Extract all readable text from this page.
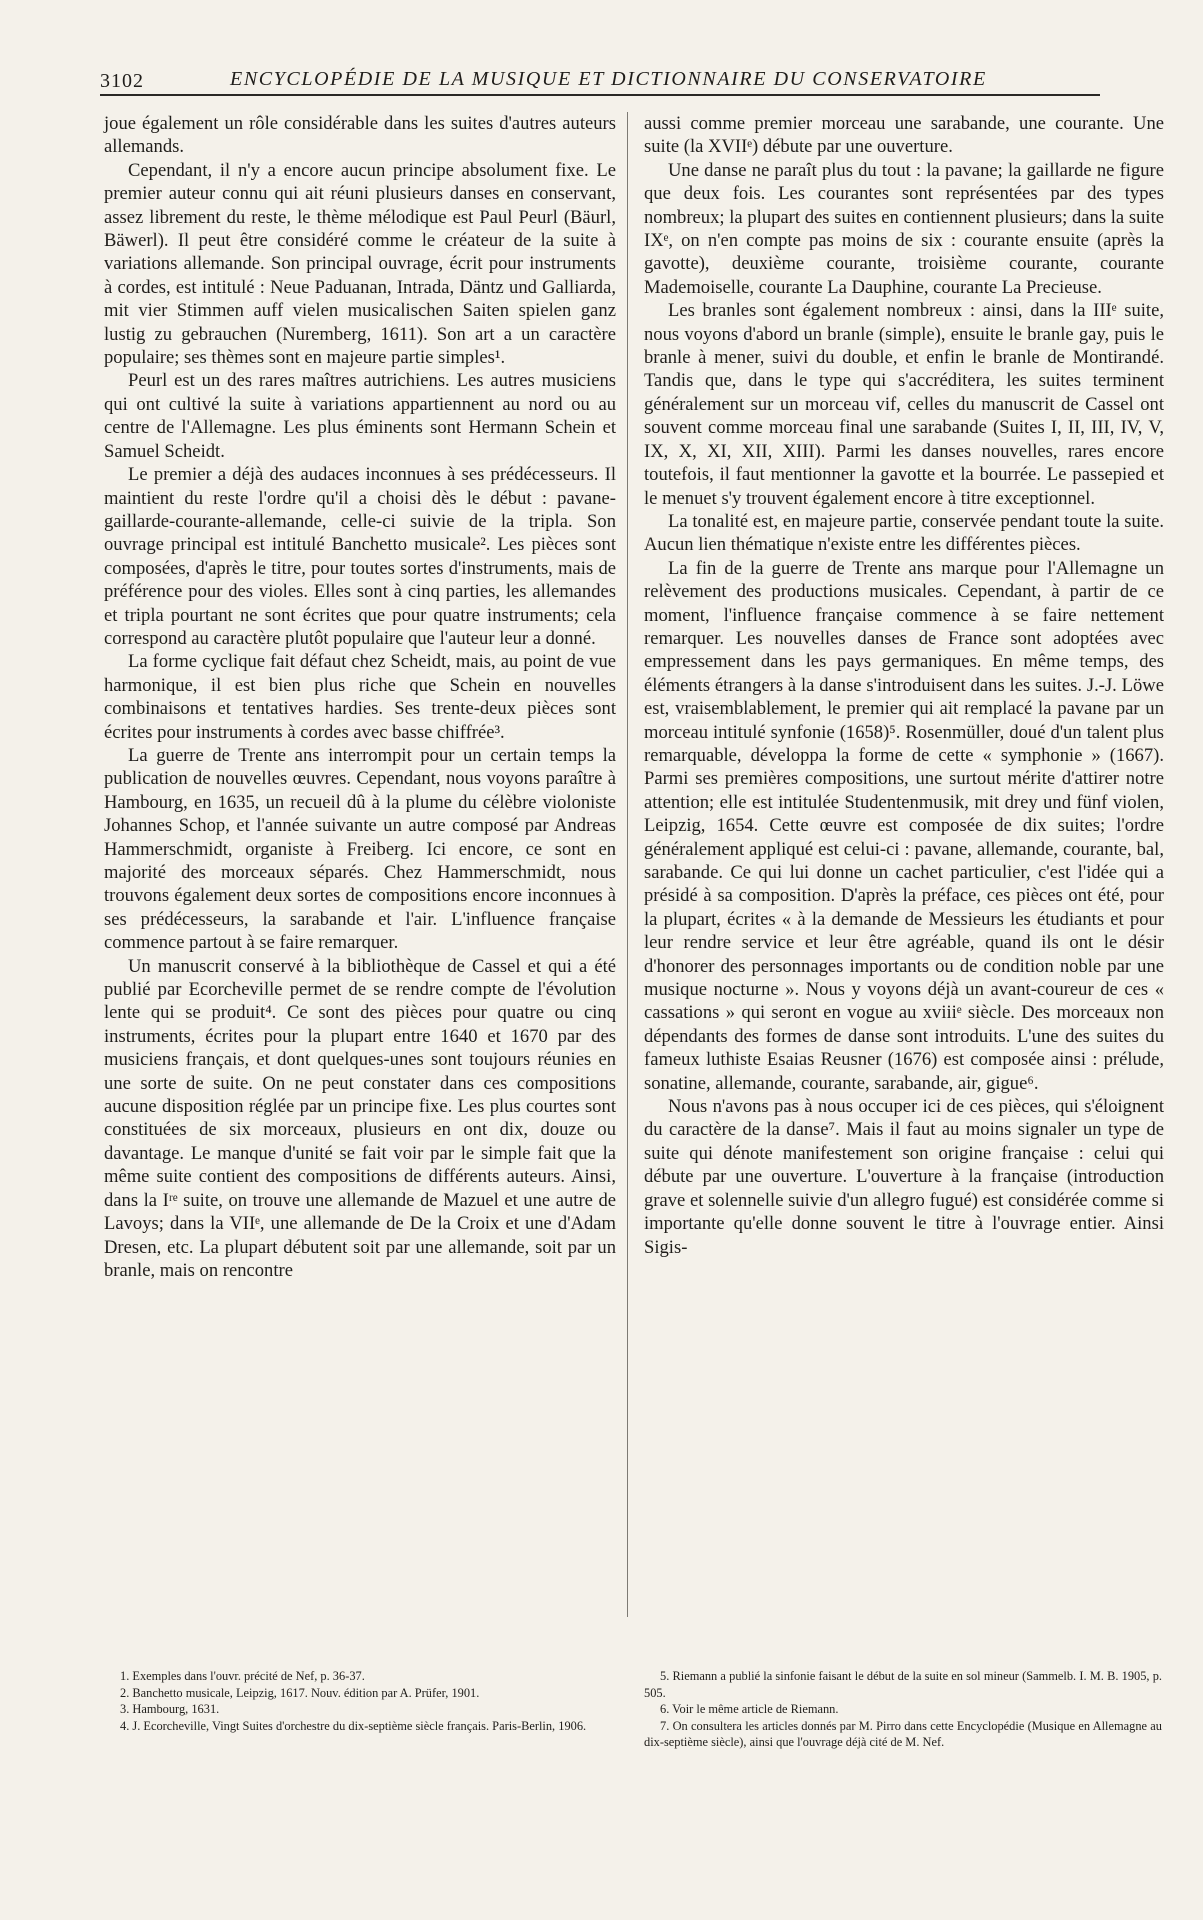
3102	ENCYCLOPÉDIE DE LA MUSIQUE ET DICTIONNAIRE DU CONSERVATOIRE

joue également un rôle considérable dans les suites d'autres auteurs allemands.

Cependant, il n'y a encore aucun principe absolument fixe. Le premier auteur connu qui ait réuni plusieurs danses en conservant, assez librement du reste, le thème mélodique est Paul Peurl (Bäurl, Bäwerl). Il peut être considéré comme le créateur de la suite à variations allemande. Son principal ouvrage, écrit pour instruments à cordes, est intitulé : Neue Paduanan, Intrada, Däntz und Galliarda, mit vier Stimmen auff vielen musicalischen Saiten spielen ganz lustig zu gebrauchen (Nuremberg, 1611). Son art a un caractère populaire; ses thèmes sont en majeure partie simples¹.

Peurl est un des rares maîtres autrichiens. Les autres musiciens qui ont cultivé la suite à variations appartiennent au nord ou au centre de l'Allemagne. Les plus éminents sont Hermann Schein et Samuel Scheidt.

Le premier a déjà des audaces inconnues à ses prédécesseurs. Il maintient du reste l'ordre qu'il a choisi dès le début : pavane-gaillarde-courante-allemande, celle-ci suivie de la tripla. Son ouvrage principal est intitulé Banchetto musicale². Les pièces sont composées, d'après le titre, pour toutes sortes d'instruments, mais de préférence pour des violes. Elles sont à cinq parties, les allemandes et tripla pourtant ne sont écrites que pour quatre instruments; cela correspond au caractère plutôt populaire que l'auteur leur a donné.

La forme cyclique fait défaut chez Scheidt, mais, au point de vue harmonique, il est bien plus riche que Schein en nouvelles combinaisons et tentatives hardies. Ses trente-deux pièces sont écrites pour instruments à cordes avec basse chiffrée³.

La guerre de Trente ans interrompit pour un certain temps la publication de nouvelles œuvres. Cependant, nous voyons paraître à Hambourg, en 1635, un recueil dû à la plume du célèbre violoniste Johannes Schop, et l'année suivante un autre composé par Andreas Hammerschmidt, organiste à Freiberg. Ici encore, ce sont en majorité des morceaux séparés. Chez Hammerschmidt, nous trouvons également deux sortes de compositions encore inconnues à ses prédécesseurs, la sarabande et l'air. L'influence française commence partout à se faire remarquer.

Un manuscrit conservé à la bibliothèque de Cassel et qui a été publié par Ecorcheville permet de se rendre compte de l'évolution lente qui se produit⁴. Ce sont des pièces pour quatre ou cinq instruments, écrites pour la plupart entre 1640 et 1670 par des musiciens français, et dont quelques-unes sont toujours réunies en une sorte de suite. On ne peut constater dans ces compositions aucune disposition réglée par un principe fixe. Les plus courtes sont constituées de six morceaux, plusieurs en ont dix, douze ou davantage. Le manque d'unité se fait voir par le simple fait que la même suite contient des compositions de différents auteurs. Ainsi, dans la Iʳᵉ suite, on trouve une allemande de Mazuel et une autre de Lavoys; dans la VIIᵉ, une allemande de De la Croix et une d'Adam Dresen, etc. La plupart débutent soit par une allemande, soit par un branle, mais on rencontre

aussi comme premier morceau une sarabande, une courante. Une suite (la XVIIᵉ) débute par une ouverture.

Une danse ne paraît plus du tout : la pavane; la gaillarde ne figure que deux fois. Les courantes sont représentées par des types nombreux; la plupart des suites en contiennent plusieurs; dans la suite IXᵉ, on n'en compte pas moins de six : courante ensuite (après la gavotte), deuxième courante, troisième courante, courante Mademoiselle, courante La Dauphine, courante La Precieuse.

Les branles sont également nombreux : ainsi, dans la IIIᵉ suite, nous voyons d'abord un branle (simple), ensuite le branle gay, puis le branle à mener, suivi du double, et enfin le branle de Montirandé. Tandis que, dans le type qui s'accréditera, les suites terminent généralement sur un morceau vif, celles du manuscrit de Cassel ont souvent comme morceau final une sarabande (Suites I, II, III, IV, V, IX, X, XI, XII, XIII). Parmi les danses nouvelles, rares encore toutefois, il faut mentionner la gavotte et la bourrée. Le passepied et le menuet s'y trouvent également encore à titre exceptionnel.

La tonalité est, en majeure partie, conservée pendant toute la suite. Aucun lien thématique n'existe entre les différentes pièces.

La fin de la guerre de Trente ans marque pour l'Allemagne un relèvement des productions musicales. Cependant, à partir de ce moment, l'influence française commence à se faire nettement remarquer. Les nouvelles danses de France sont adoptées avec empressement dans les pays germaniques. En même temps, des éléments étrangers à la danse s'introduisent dans les suites. J.-J. Löwe est, vraisemblablement, le premier qui ait remplacé la pavane par un morceau intitulé synfonie (1658)⁵. Rosenmüller, doué d'un talent plus remarquable, développa la forme de cette « symphonie » (1667). Parmi ses premières compositions, une surtout mérite d'attirer notre attention; elle est intitulée Studentenmusik, mit drey und fünf violen, Leipzig, 1654. Cette œuvre est composée de dix suites; l'ordre généralement appliqué est celui-ci : pavane, allemande, courante, bal, sarabande. Ce qui lui donne un cachet particulier, c'est l'idée qui a présidé à sa composition. D'après la préface, ces pièces ont été, pour la plupart, écrites « à la demande de Messieurs les étudiants et pour leur rendre service et leur être agréable, quand ils ont le désir d'honorer des personnages importants ou de condition noble par une musique nocturne ». Nous y voyons déjà un avant-coureur de ces « cassations » qui seront en vogue au xviiiᵉ siècle. Des morceaux non dépendants des formes de danse sont introduits. L'une des suites du fameux luthiste Esaias Reusner (1676) est composée ainsi : prélude, sonatine, allemande, courante, sarabande, air, gigue⁶.

Nous n'avons pas à nous occuper ici de ces pièces, qui s'éloignent du caractère de la danse⁷. Mais il faut au moins signaler un type de suite qui dénote manifestement son origine française : celui qui débute par une ouverture. L'ouverture à la française (introduction grave et solennelle suivie d'un allegro fugué) est considérée comme si importante qu'elle donne souvent le titre à l'ouvrage entier. Ainsi Sigis-

1. Exemples dans l'ouvr. précité de Nef, p. 36-37.

2. Banchetto musicale, Leipzig, 1617. Nouv. édition par A. Prüfer, 1901.

3. Hambourg, 1631.

4. J. Ecorcheville, Vingt Suites d'orchestre du dix-septième siècle français. Paris-Berlin, 1906.

5. Riemann a publié la sinfonie faisant le début de la suite en sol mineur (Sammelb. I. M. B. 1905, p. 505.

6. Voir le même article de Riemann.

7. On consultera les articles donnés par M. Pirro dans cette Encyclopédie (Musique en Allemagne au dix-septième siècle), ainsi que l'ouvrage déjà cité de M. Nef.
